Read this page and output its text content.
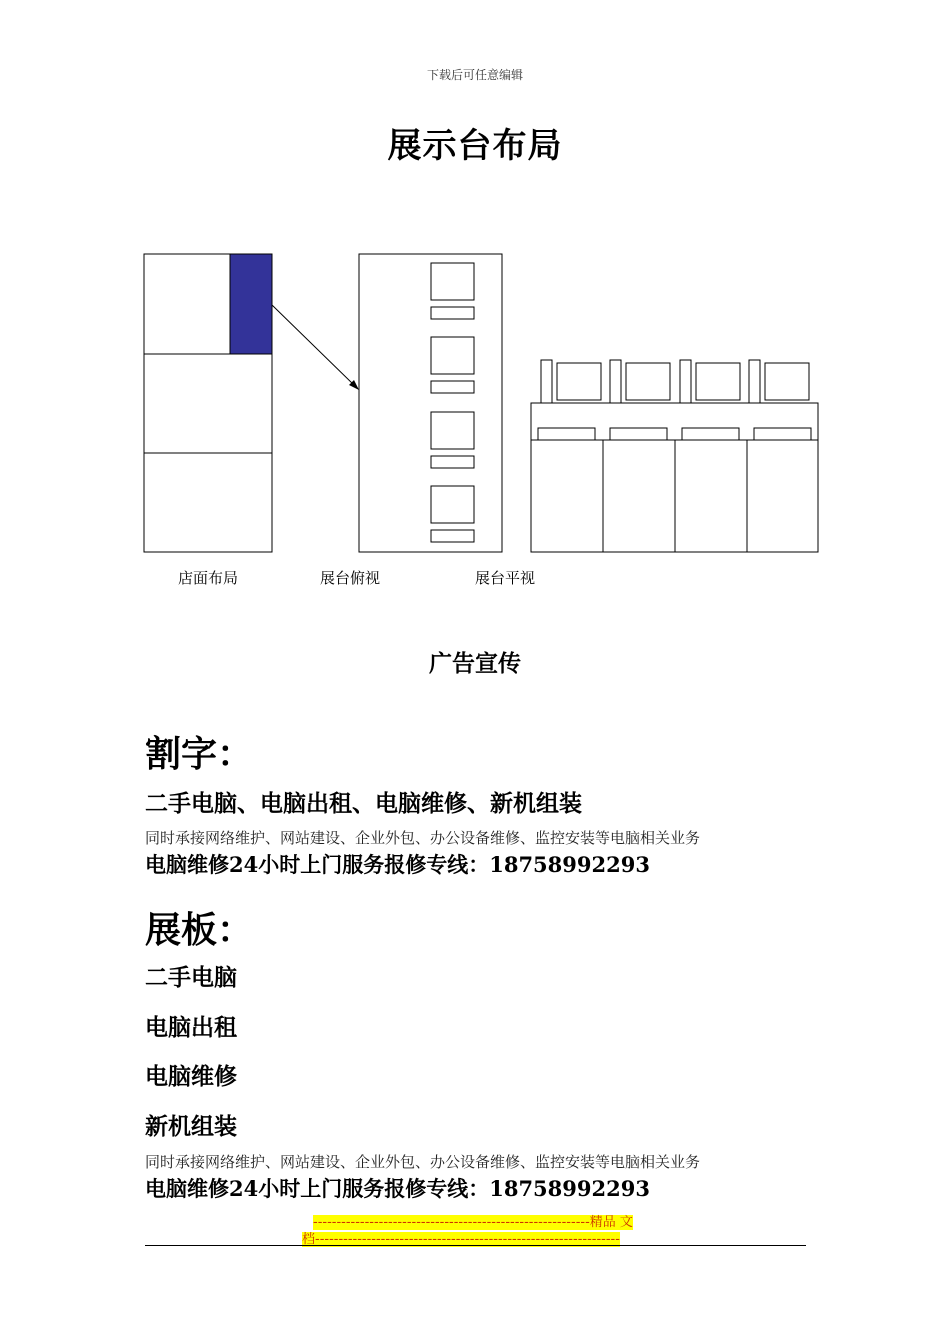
下载后可任意编辑
展示台布局
店面布局	展台俯视	展台平视
广告宣传
割字：
二手电脑、电脑出租、电脑维修、新机组装
同时承接网络维护、网站建设、企业外包、办公设备维修、监控安装等电脑相关业务
电脑维修24小时上门服务报修专线：18758992293
展板：
二手电脑
电脑出租
电脑维修
新机组装
同时承接网络维护、网站建设、企业外包、办公设备维修、监控安装等电脑相关业务
电脑维修24小时上门服务报修专线：18758992293
-----------------------------------------------------------精品 文
档-----------------------------------------------------------------
